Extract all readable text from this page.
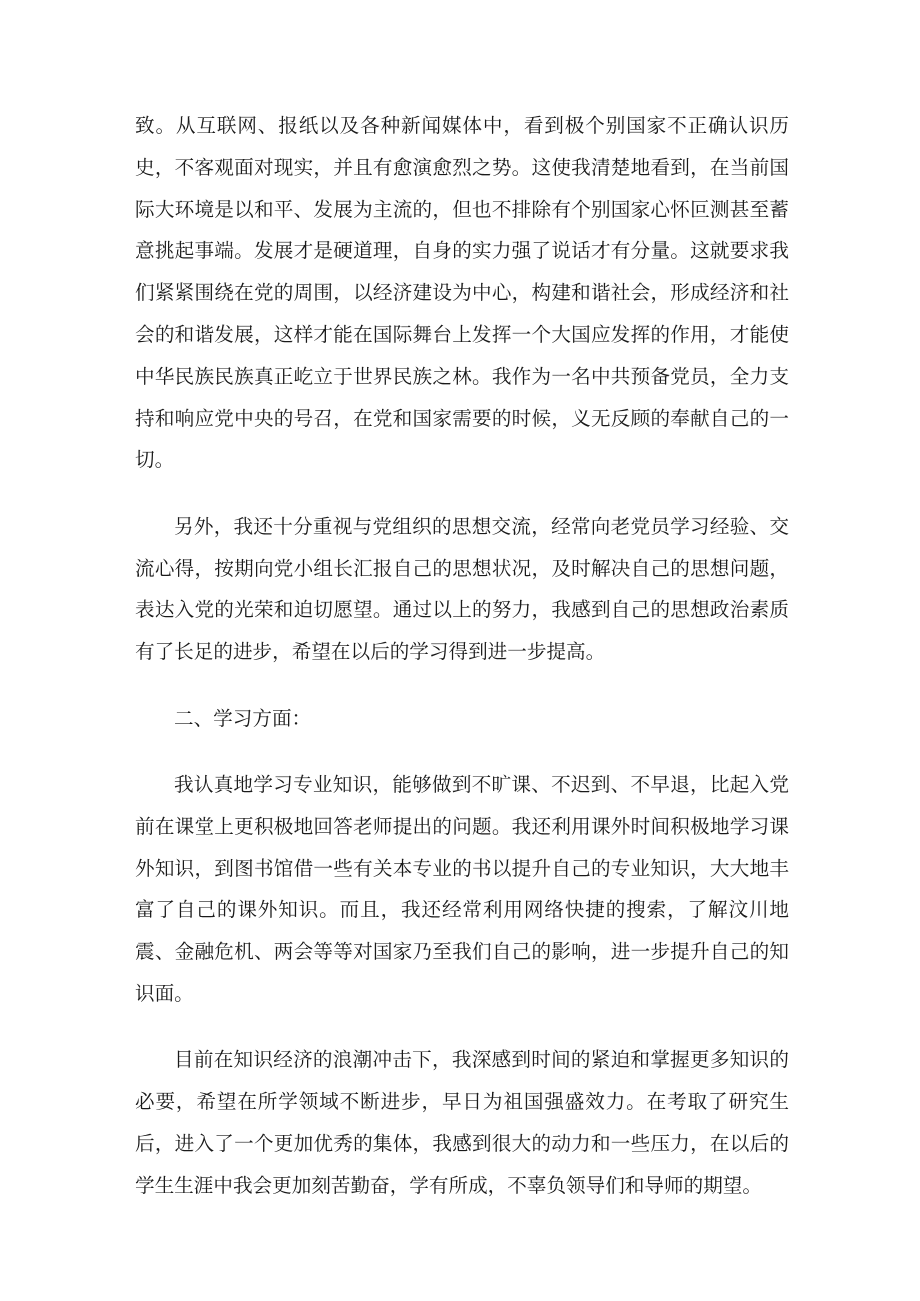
致。从互联网、报纸以及各种新闻媒体中，看到极个别国家不正确认识历史，不客观面对现实，并且有愈演愈烈之势。这使我清楚地看到，在当前国际大环境是以和平、发展为主流的，但也不排除有个别国家心怀叵测甚至蓄意挑起事端。发展才是硬道理，自身的实力强了说话才有分量。这就要求我们紧紧围绕在党的周围，以经济建设为中心，构建和谐社会，形成经济和社会的和谐发展，这样才能在国际舞台上发挥一个大国应发挥的作用，才能使中华民族民族真正屹立于世界民族之林。我作为一名中共预备党员，全力支持和响应党中央的号召，在党和国家需要的时候，义无反顾的奉献自己的一切。

另外，我还十分重视与党组织的思想交流，经常向老党员学习经验、交流心得，按期向党小组长汇报自己的思想状况，及时解决自己的思想问题，表达入党的光荣和迫切愿望。通过以上的努力，我感到自己的思想政治素质有了长足的进步，希望在以后的学习得到进一步提高。

二、学习方面：

我认真地学习专业知识，能够做到不旷课、不迟到、不早退，比起入党前在课堂上更积极地回答老师提出的问题。我还利用课外时间积极地学习课外知识，到图书馆借一些有关本专业的书以提升自己的专业知识，大大地丰富了自己的课外知识。而且，我还经常利用网络快捷的搜索，了解汶川地震、金融危机、两会等等对国家乃至我们自己的影响，进一步提升自己的知识面。

目前在知识经济的浪潮冲击下，我深感到时间的紧迫和掌握更多知识的必要，希望在所学领域不断进步，早日为祖国强盛效力。在考取了研究生后，进入了一个更加优秀的集体，我感到很大的动力和一些压力，在以后的学生生涯中我会更加刻苦勤奋，学有所成，不辜负领导们和导师的期望。
